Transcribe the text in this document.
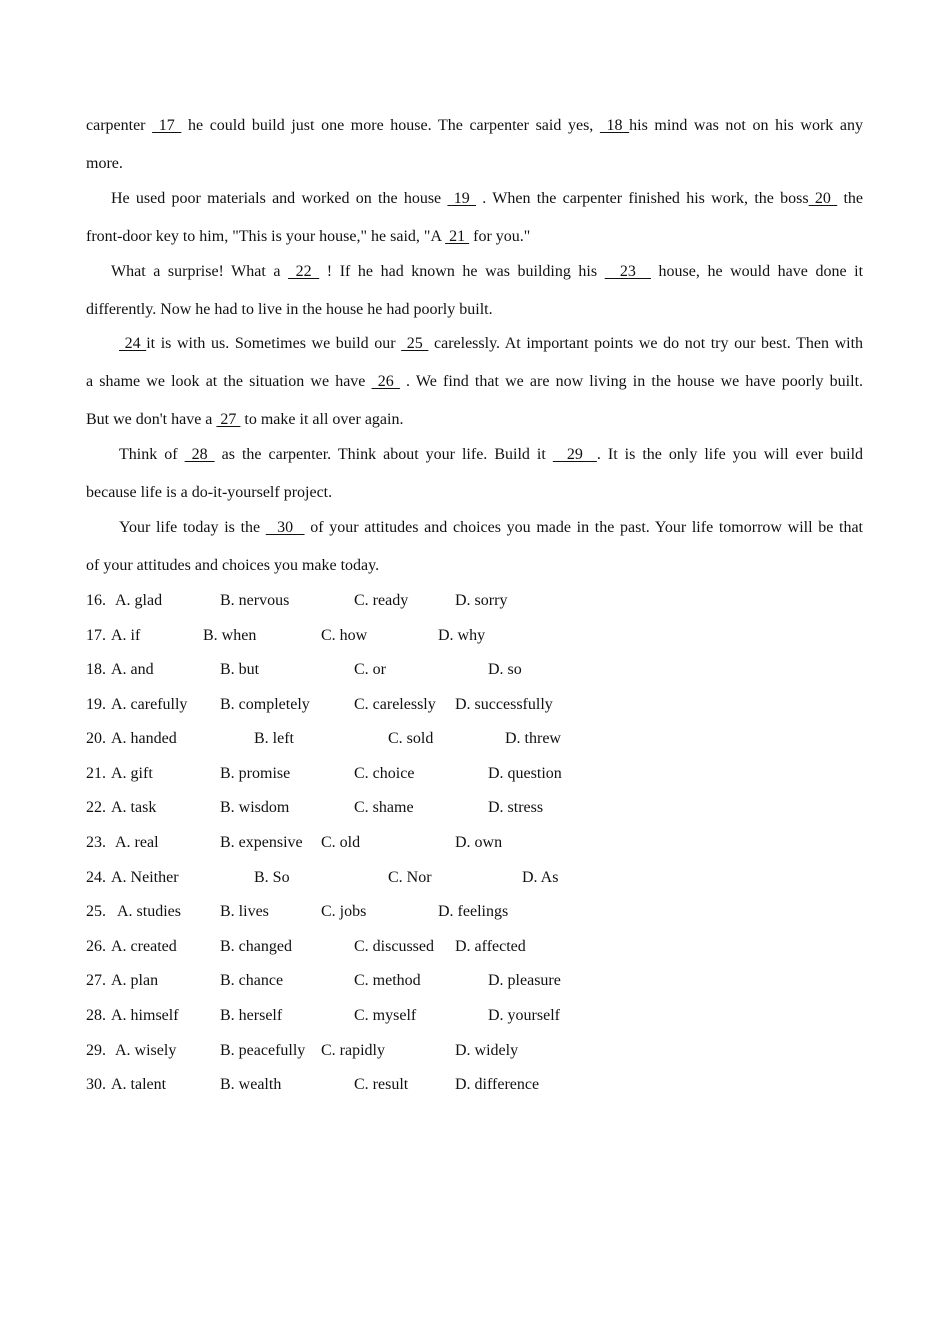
carpenter  17  he could build just one more house. The carpenter said yes,  18 his mind was not on his work any
more.
He used poor materials and worked on the house  19  . When the carpenter finished his work, the boss 20  the
front-door key to him, "This is your house," he said, "A  21  for you."
What a surprise! What a  22  ! If he had known he was building his   23   house, he would have done it
differently. Now he had to live in the house he had poorly built.
24 it is with us. Sometimes we build our  25  carelessly. At important points we do not try our best. Then with
a shame we look at the situation we have  26  . We find that we are now living in the house we have poorly built.
But we don't have a  27  to make it all over again.
Think of  28  as the carpenter. Think about your life. Build it   29  . It is the only life you will ever build
because life is a do-it-yourself project.
Your life today is the   30   of your attitudes and choices you made in the past. Your life tomorrow will be that
of your attitudes and choices you make today.
16. A. glad	B. nervous	C. ready	D. sorry
17. A. if	B. when	C. how	D. why
18. A. and	B. but	C. or	D. so
19. A. carefully B. completely	C. carelessly D. successfully
20. A. handed	B. left	C. sold	D. threw
21. A. gift	B. promise	C. choice	D. question
22. A. task	B. wisdom	C. shame	D. stress
23. A. real	B. expensive C. old	D. own
24. A. Neither	B. So	C. Nor	D. As
25. A. studies B. lives	C. jobs	D. feelings
26. A. created	B. changed	C. discussed D. affected
27. A. plan	B. chance	C. method	D. pleasure
28. A. himself	B. herself	C. myself	D. yourself
29. A. wisely	B. peacefully C. rapidly	D. widely
30. A. talent	B. wealth	C. result	D. difference
